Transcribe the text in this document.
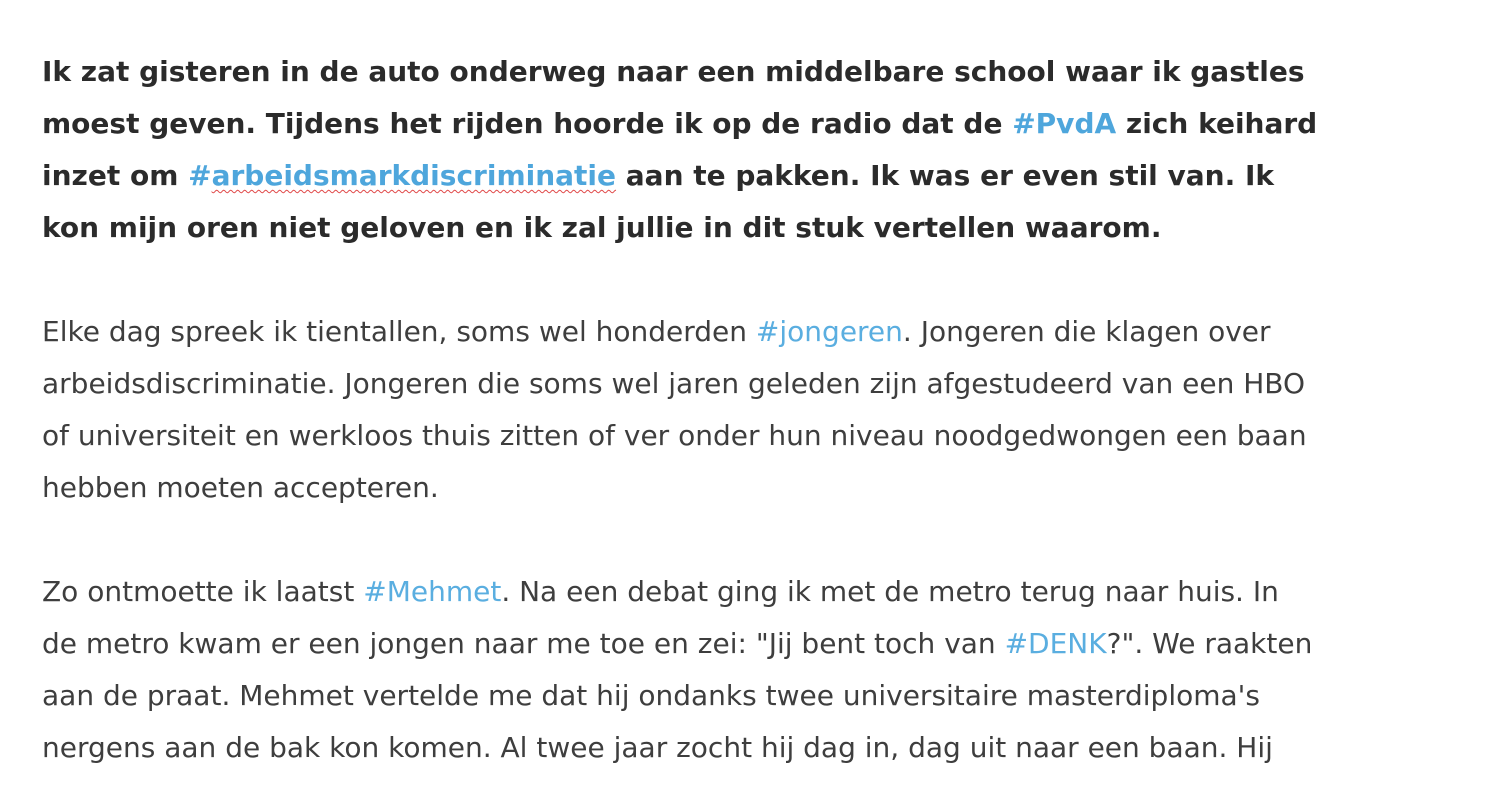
Ik zat gisteren in de auto onderweg naar een middelbare school waar ik gastles
moest geven. Tijdens het rijden hoorde ik op de radio dat de #PvdA zich keihard
inzet om #arbeidsmarkdiscriminatie aan te pakken. Ik was er even stil van. Ik
kon mijn oren niet geloven en ik zal jullie in dit stuk vertellen waarom.
Elke dag spreek ik tientallen, soms wel honderden #jongeren. Jongeren die klagen over
arbeidsdiscriminatie. Jongeren die soms wel jaren geleden zijn afgestudeerd van een HBO
of universiteit en werkloos thuis zitten of ver onder hun niveau noodgedwongen een baan
hebben moeten accepteren.
Zo ontmoette ik laatst #Mehmet. Na een debat ging ik met de metro terug naar huis. In
de metro kwam er een jongen naar me toe en zei: "Jij bent toch van #DENK?". We raakten
aan de praat. Mehmet vertelde me dat hij ondanks twee universitaire masterdiploma's
nergens aan de bak kon komen. Al twee jaar zocht hij dag in, dag uit naar een baan. Hij
